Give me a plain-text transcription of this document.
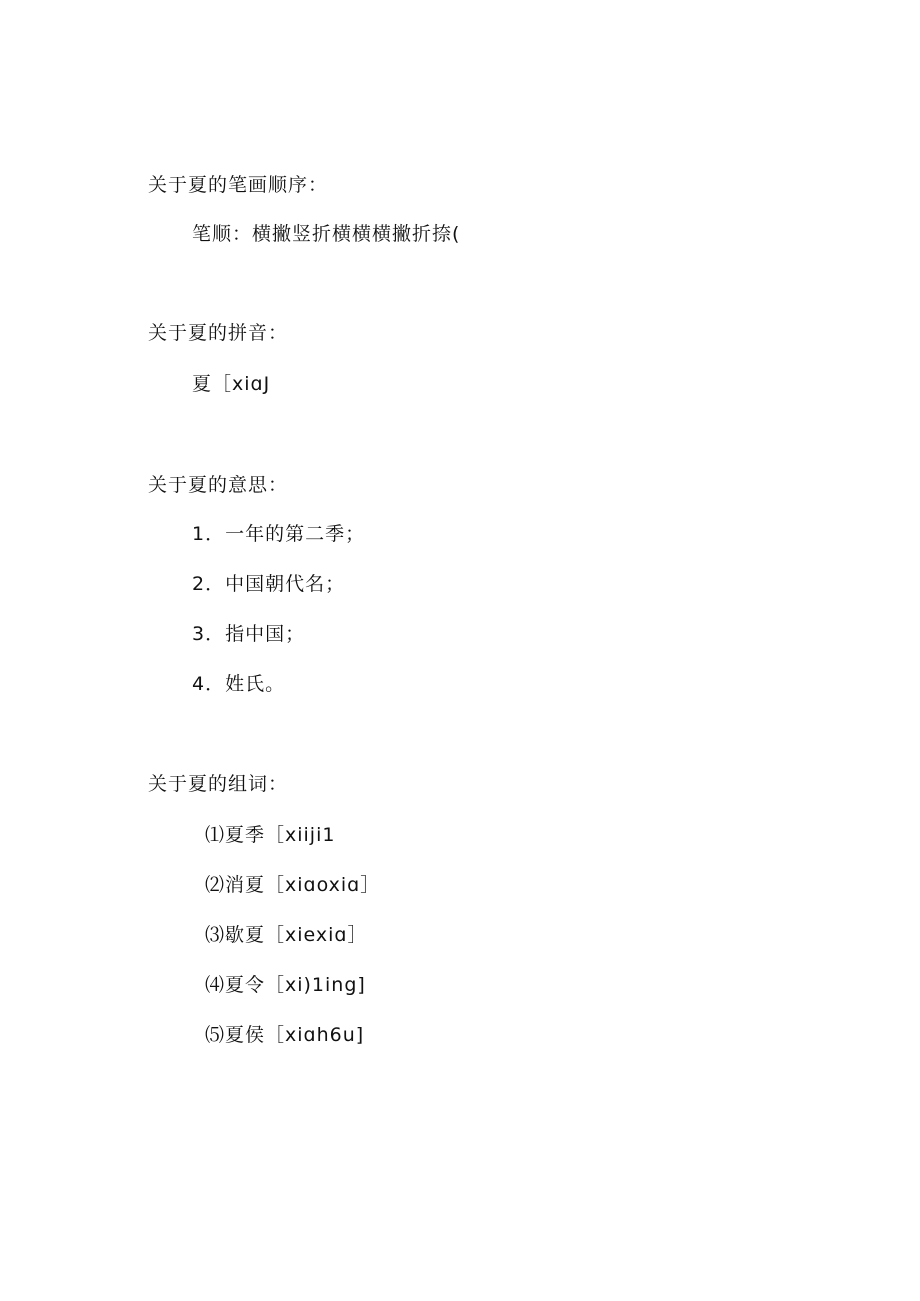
关于夏的笔画顺序：
笔顺：横撇竖折横横横撇折捺(
关于夏的拼音：
夏［xiɑJ
关于夏的意思：
1．一年的第二季；
2．中国朝代名；
3．指中国；
4．姓氏。
关于夏的组词：
⑴夏季［xiiji1
⑵消夏［xiɑoxiɑ］
⑶歇夏［xiexiɑ］
⑷夏令［xi)1ing]
⑸夏侯［xiɑh6u]
